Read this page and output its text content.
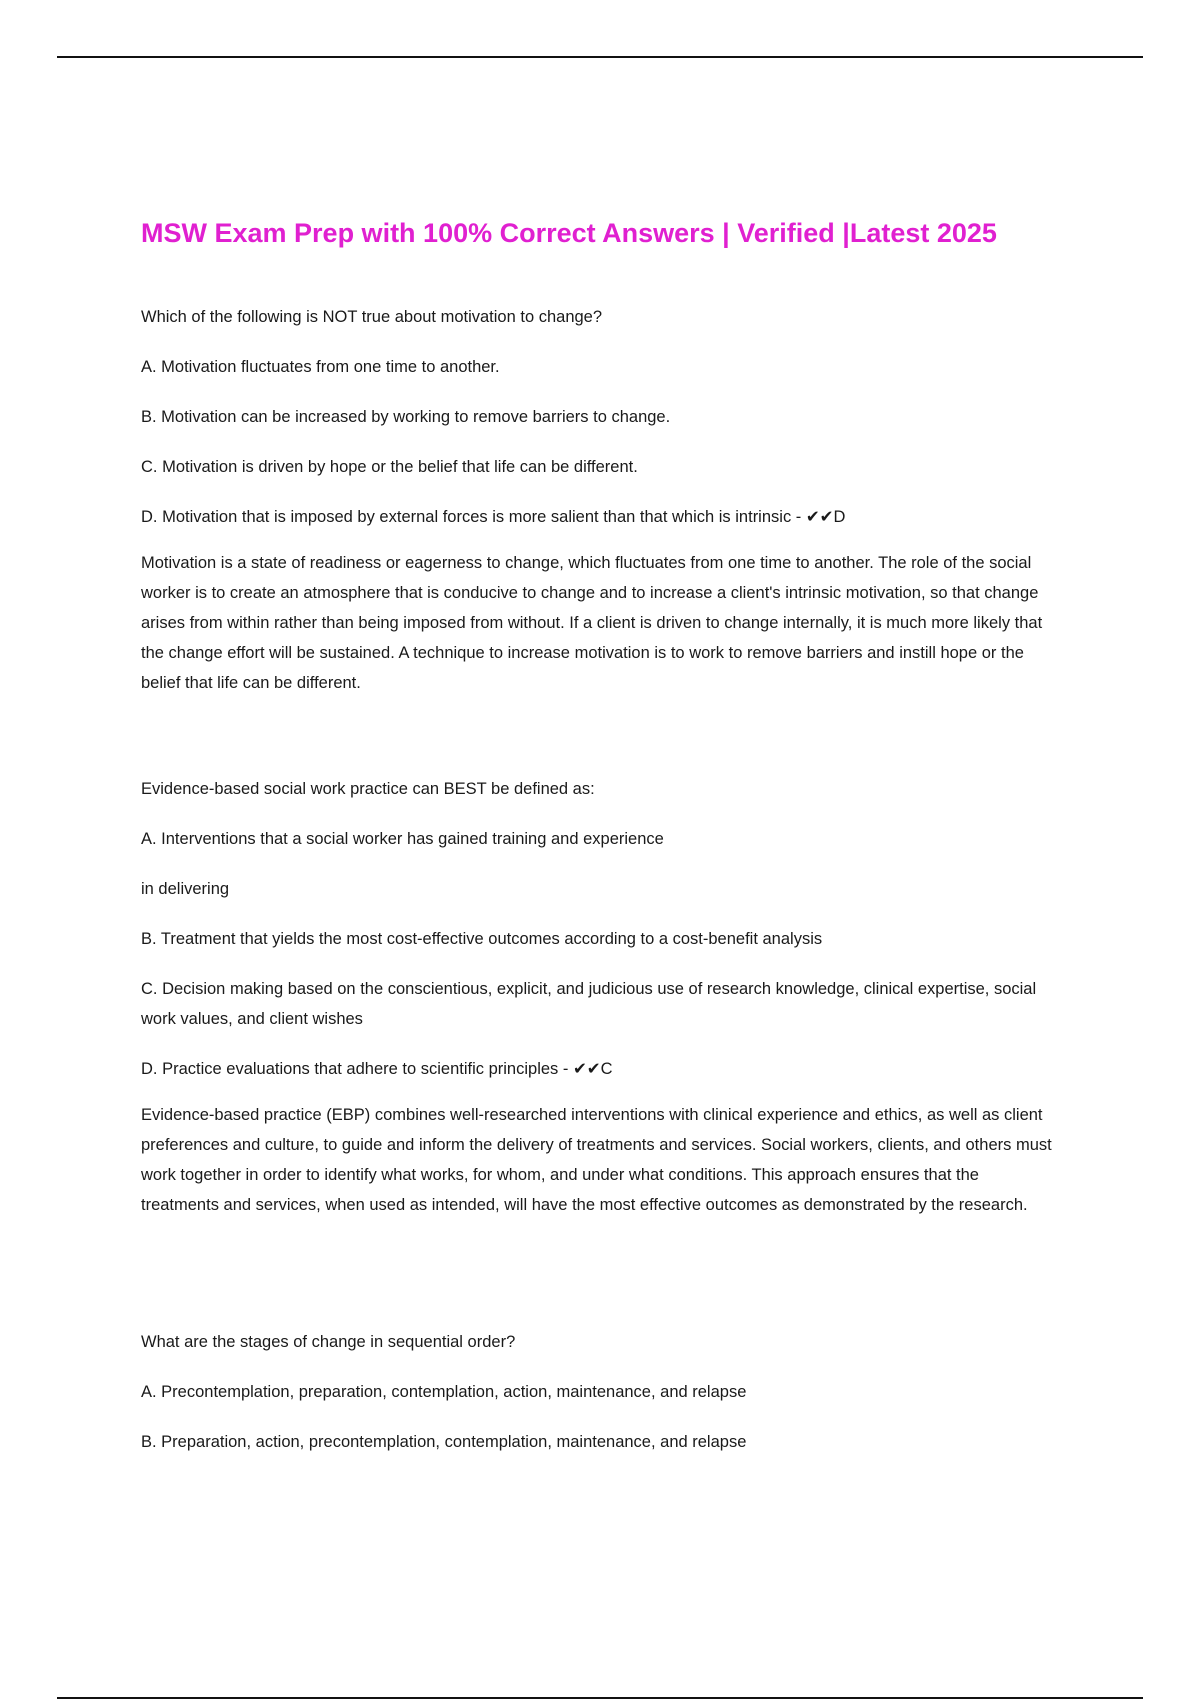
MSW Exam Prep with 100% Correct Answers | Verified |Latest 2025

Which of the following is NOT true about motivation to change?

A. Motivation fluctuates from one time to another.

B. Motivation can be increased by working to remove barriers to change.

C. Motivation is driven by hope or the belief that life can be different.

D. Motivation that is imposed by external forces is more salient than that which is intrinsic - ✔✔D

Motivation is a state of readiness or eagerness to change, which fluctuates from one time to another. The role of the social worker is to create an atmosphere that is conducive to change and to increase a client's intrinsic motivation, so that change arises from within rather than being imposed from without. If a client is driven to change internally, it is much more likely that the change effort will be sustained. A technique to increase motivation is to work to remove barriers and instill hope or the belief that life can be different.

Evidence-based social work practice can BEST be defined as:

A. Interventions that a social worker has gained training and experience

in delivering

B. Treatment that yields the most cost-effective outcomes according to a cost-benefit analysis

C. Decision making based on the conscientious, explicit, and judicious use of research knowledge, clinical expertise, social work values, and client wishes

D. Practice evaluations that adhere to scientific principles - ✔✔C

Evidence-based practice (EBP) combines well-researched interventions with clinical experience and ethics, as well as client preferences and culture, to guide and inform the delivery of treatments and services. Social workers, clients, and others must work together in order to identify what works, for whom, and under what conditions. This approach ensures that the treatments and services, when used as intended, will have the most effective outcomes as demonstrated by the research.

What are the stages of change in sequential order?

A. Precontemplation, preparation, contemplation, action, maintenance, and relapse

B. Preparation, action, precontemplation, contemplation, maintenance, and relapse
